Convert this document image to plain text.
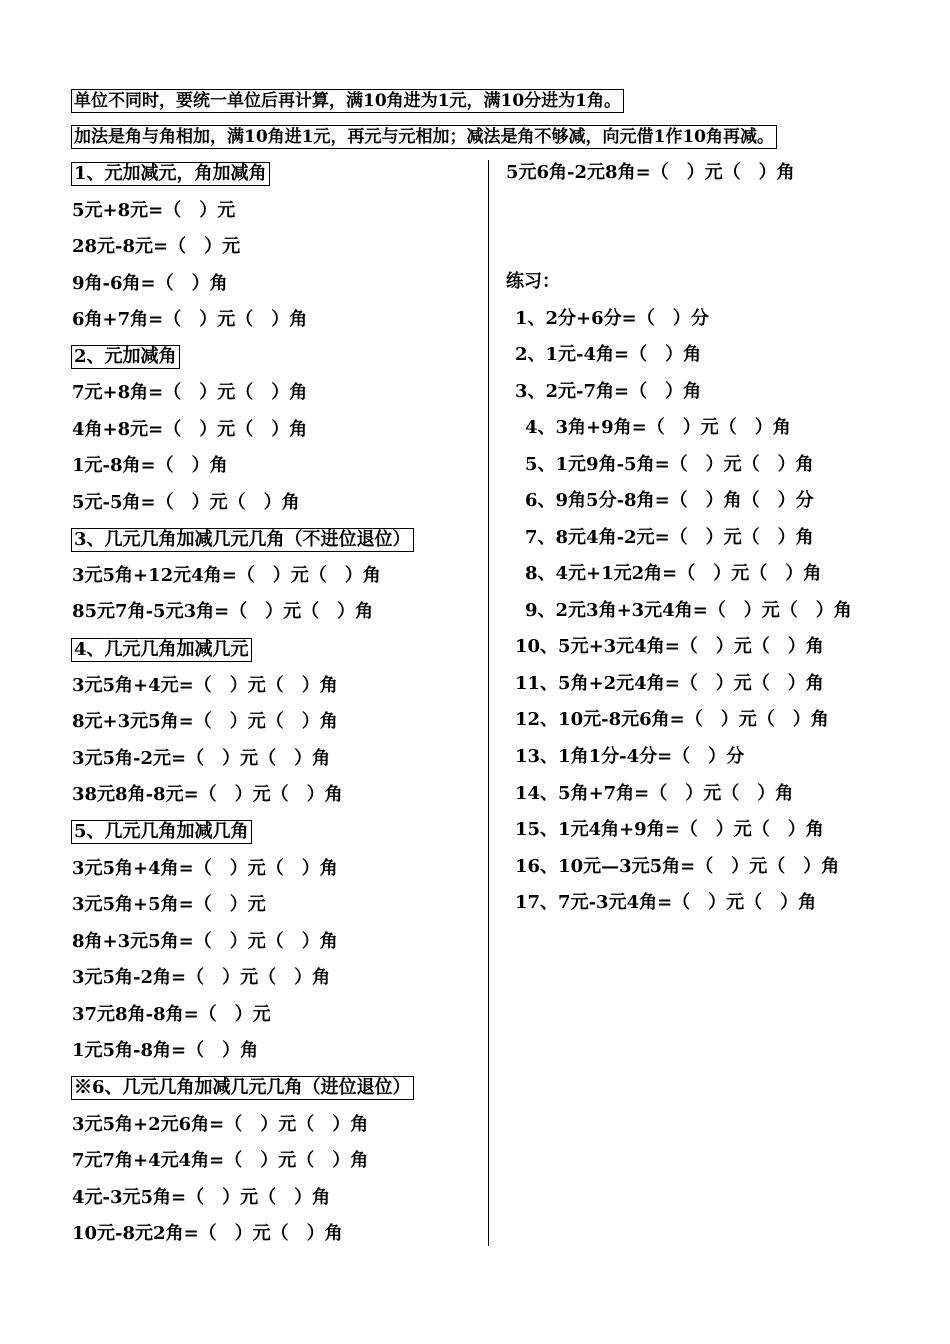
单位不同时，要统一单位后再计算，满10角进为1元，满10分进为1角。
加法是角与角相加，满10角进1元，再元与元相加；减法是角不够减，向元借1作10角再减。
1、元加减元，角加减角
5元+8元=（　）元
28元-8元=（　）元
9角-6角=（　）角
6角+7角=（　）元（　）角
2、元加减角
7元+8角=（　）元（　）角
4角+8元=（　）元（　）角
1元-8角=（　）角
5元-5角=（　）元（　）角
3、几元几角加减几元几角（不进位退位）
3元5角+12元4角=（　）元（　）角
85元7角-5元3角=（　）元（　）角
4、几元几角加减几元
3元5角+4元=（　）元（　）角
8元+3元5角=（　）元（　）角
3元5角-2元=（　）元（　）角
38元8角-8元=（　）元（　）角
5、几元几角加减几角
3元5角+4角=（　）元（　）角
3元5角+5角=（　）元
8角+3元5角=（　）元（　）角
3元5角-2角=（　）元（　）角
37元8角-8角=（　）元
1元5角-8角=（　）角
※6、几元几角加减几元几角（进位退位）
3元5角+2元6角=（　）元（　）角
7元7角+4元4角=（　）元（　）角
4元-3元5角=（　）元（　）角
10元-8元2角=（　）元（　）角
5元6角-2元8角=（　）元（　）角
练习：
1、2分+6分=（　）分
2、1元-4角=（　）角
3、2元-7角=（　）角
4、3角+9角=（　）元（　）角
5、1元9角-5角=（　）元（　）角
6、9角5分-8角=（　）角（　）分
7、8元4角-2元=（　）元（　）角
8、4元+1元2角=（　）元（　）角
9、2元3角+3元4角=（　）元（　）角
10、5元+3元4角=（　）元（　）角
11、5角+2元4角=（　）元（　）角
12、10元-8元6角=（　）元（　）角
13、1角1分-4分=（　）分
14、5角+7角=（　）元（　）角
15、1元4角+9角=（　）元（　）角
16、10元—3元5角=（　）元（　）角
17、7元-3元4角=（　）元（　）角
